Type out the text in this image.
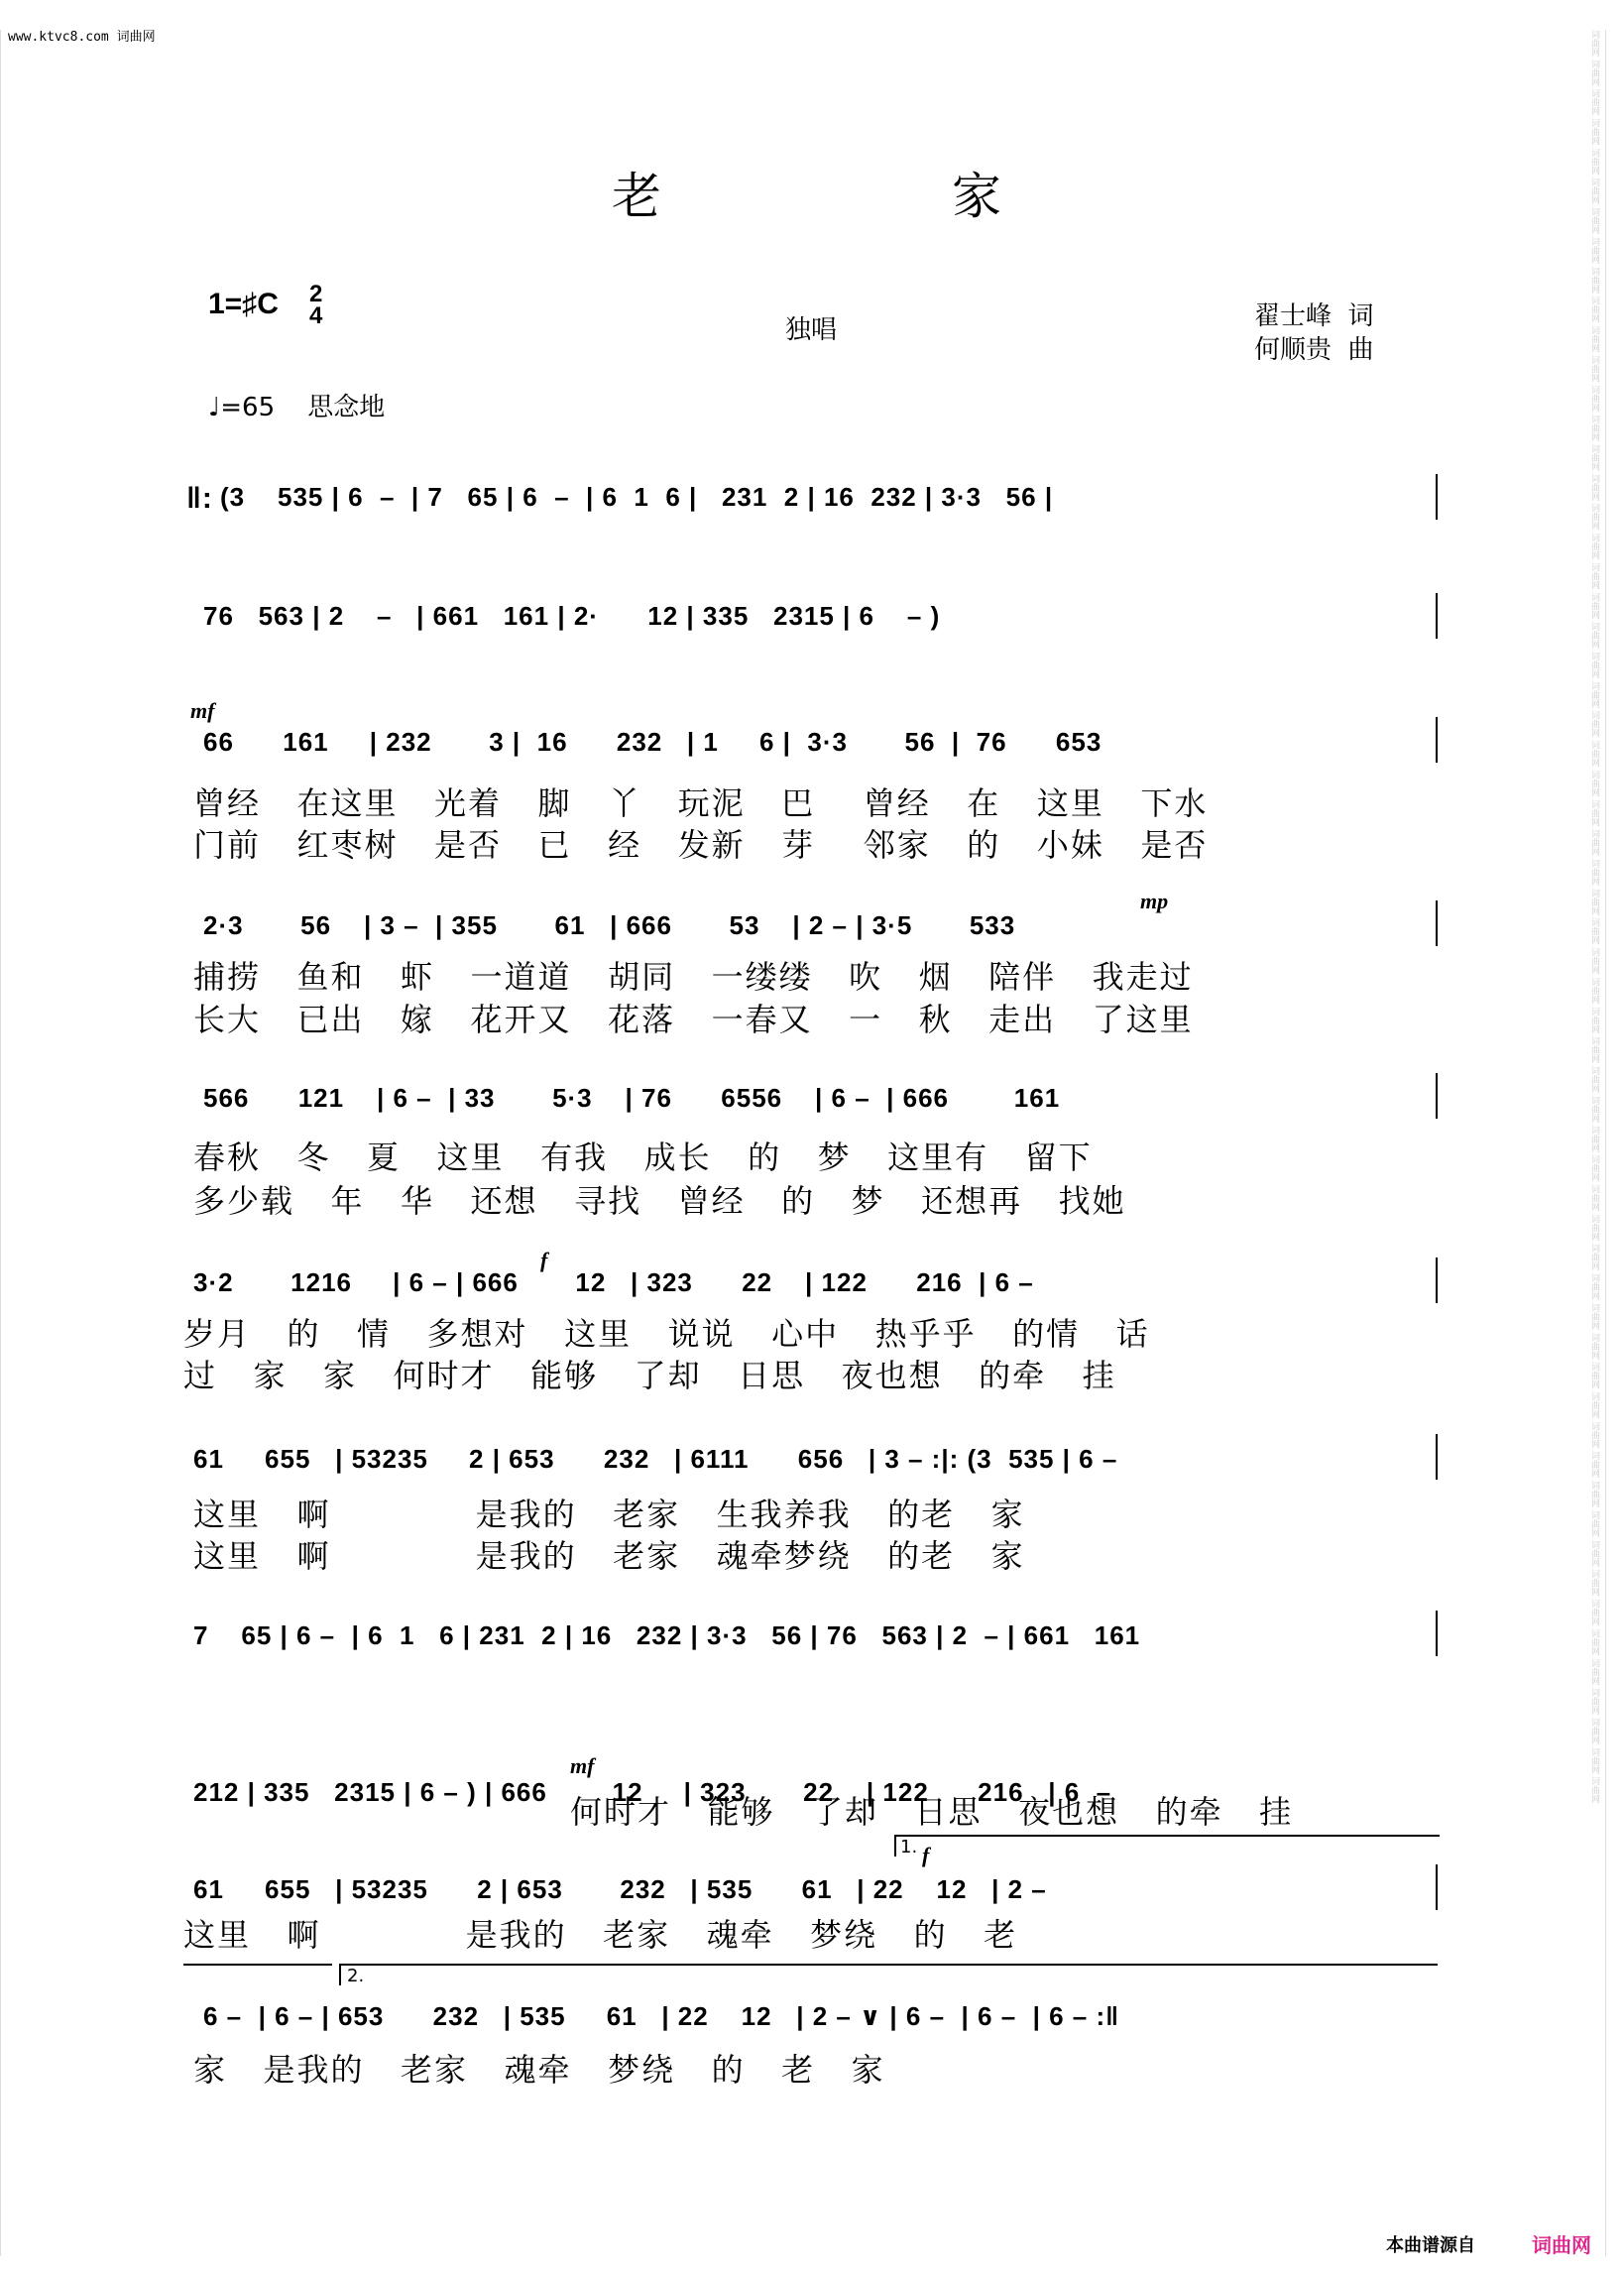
www.ktvc8.com 词曲网	词曲网 词曲网 词曲网 词曲网 词曲网 词曲网 词曲网 词曲网 词曲网 词曲网 词曲网 词曲网 词曲网 词曲网 词曲网 词曲网 词曲网 词曲网 词曲网 词曲网 词曲网 词曲网 词曲网 词曲网 词曲网 词曲网 词曲网 词曲网 词曲网 词曲网 词曲网 词曲网 词曲网 词曲网 词曲网 词曲网 词曲网 词曲网 词曲网 词曲网 词曲网 词曲网 词曲网 词曲网 词曲网 词曲网 词曲网 词曲网 词曲网 词曲网 词曲网 词曲网 词曲网 词曲网 词曲网 词曲网 词曲网 词曲网 词曲网 词曲网
老	家
1=♯C 2
4	独唱	翟士峰  词
何顺贵  曲
♩=65    思念地
‖: (3    535 | 6  –  | 7   65 | 6  –  | 6  1  6 |   231  2 | 16  232 | 3·3   56 |
76   563 | 2    –   | 661   161 | 2·      12 | 335   2315 | 6    – )
mf
66      161     | 232       3 |  16      232   | 1     6 |  3·3       56  |  76      653
曾经   在这里   光着   脚   丫   玩泥   巴    曾经   在   这里   下水
门前   红枣树   是否   已   经   发新   芽    邻家   的   小妹   是否
mp
2·3       56    | 3 –  | 355       61   | 666       53    | 2 – | 3·5       533
捕捞   鱼和   虾   一道道   胡同   一缕缕   吹   烟   陪伴   我走过
长大   已出   嫁   花开又   花落   一春又   一   秋   走出   了这里
566      121    | 6 –  | 33       5·3    | 76      6556    | 6 –  | 666        161
春秋   冬   夏   这里   有我   成长   的   梦   这里有   留下
多少载   年   华   还想   寻找   曾经   的   梦   还想再   找她
f
3·2       1216     | 6 – | 666       12   | 323      22    | 122      216  | 6 –
岁月   的   情   多想对   这里   说说   心中   热乎乎   的情   话
过   家   家   何时才   能够   了却   日思   夜也想   的牵   挂
61     655   | 53235     2 | 653      232   | 6111      656   | 3 – :|: (3  535 | 6 –
这里   啊            是我的   老家   生我养我   的老   家
这里   啊            是我的   老家   魂牵梦绕   的老   家
7    65 | 6 –  | 6  1   6 | 231  2 | 16   232 | 3·3   56 | 76   563 | 2  – | 661   161
mf
212 | 335   2315 | 6 – ) | 666        12     | 323       22    | 122      216   | 6  –
何时才   能够   了却   日思   夜也想   的牵   挂
1. f
61     655   | 53235      2 | 653       232   | 535      61   | 22    12   | 2 –
这里   啊            是我的   老家   魂牵   梦绕   的   老
2.
6 –  | 6 – | 653      232   | 535     61   | 22    12   | 2 – ∨ | 6 –  | 6 –  | 6 – :‖
家   是我的   老家   魂牵   梦绕   的   老   家
本曲谱源自	词曲网
